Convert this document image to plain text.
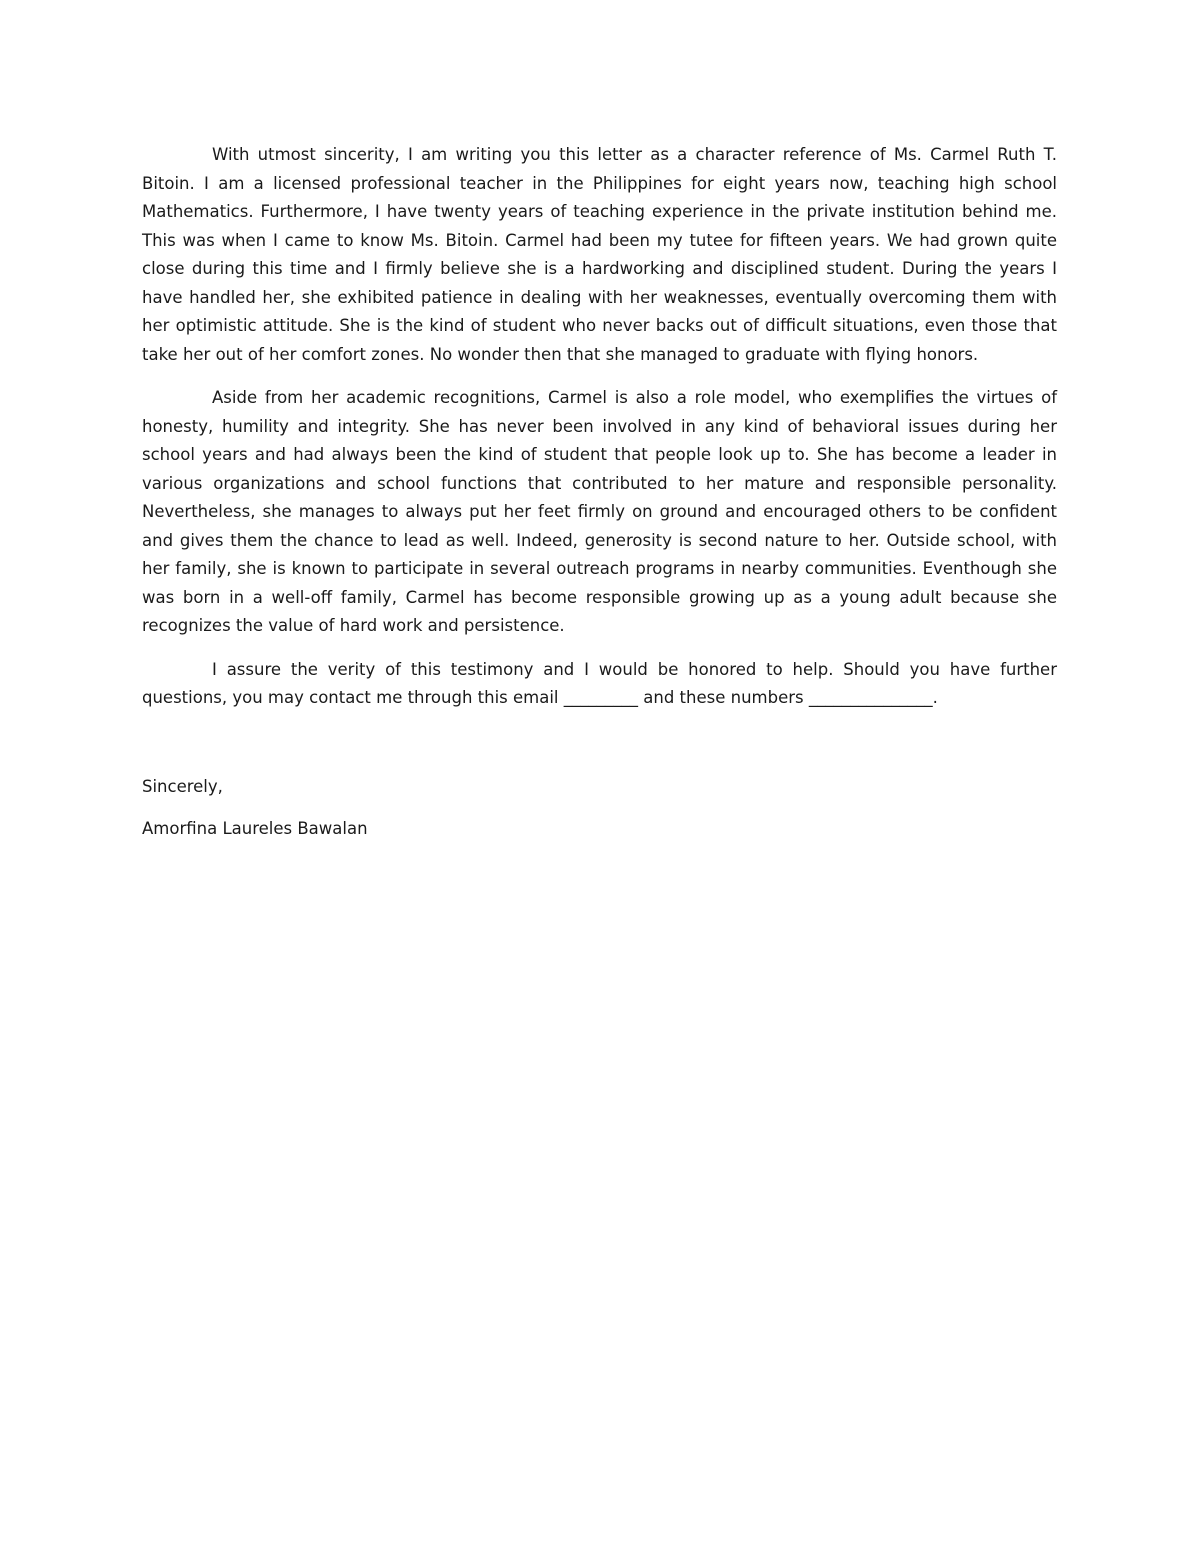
With utmost sincerity, I am writing you this letter as a character reference of Ms. Carmel Ruth T. Bitoin. I am a licensed professional teacher in the Philippines for eight years now, teaching high school Mathematics. Furthermore, I have twenty years of teaching experience in the private institution behind me. This was when I came to know Ms. Bitoin. Carmel had been my tutee for fifteen years. We had grown quite close during this time and I firmly believe she is a hardworking and disciplined student. During the years I have handled her, she exhibited patience in dealing with her weaknesses, eventually overcoming them with her optimistic attitude. She is the kind of student who never backs out of difficult situations, even those that take her out of her comfort zones. No wonder then that she managed to graduate with flying honors.

Aside from her academic recognitions, Carmel is also a role model, who exemplifies the virtues of honesty, humility and integrity. She has never been involved in any kind of behavioral issues during her school years and had always been the kind of student that people look up to. She has become a leader in various organizations and school functions that contributed to her mature and responsible personality. Nevertheless, she manages to always put her feet firmly on ground and encouraged others to be confident and gives them the chance to lead as well. Indeed, generosity is second nature to her. Outside school, with her family, she is known to participate in several outreach programs in nearby communities. Eventhough she was born in a well-off family, Carmel has become responsible growing up as a young adult because she recognizes the value of hard work and persistence.

I assure the verity of this testimony and I would be honored to help. Should you have further questions, you may contact me through this email _________ and these numbers _______________.

Sincerely,

Amorfina Laureles Bawalan
